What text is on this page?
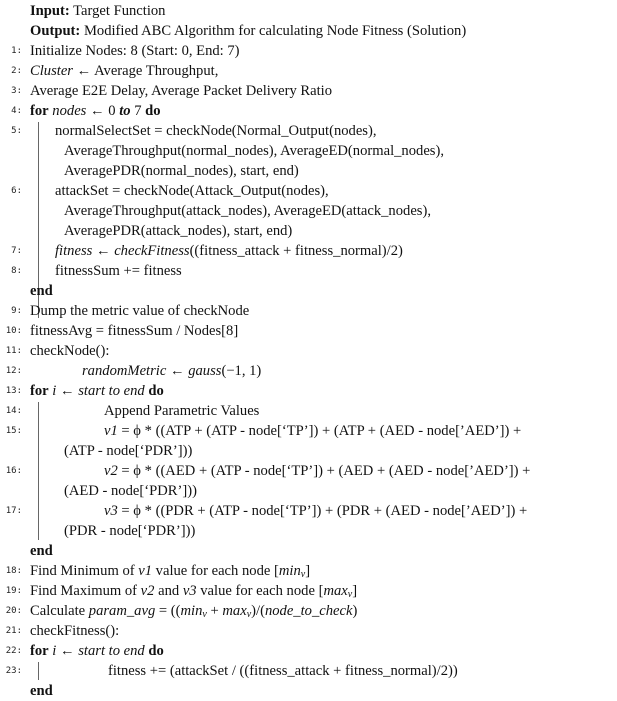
Input: Target Function
Output: Modified ABC Algorithm for calculating Node Fitness (Solution)
1: Initialize Nodes: 8 (Start: 0, End: 7)
2: Cluster ← Average Throughput,
3: Average E2E Delay, Average Packet Delivery Ratio
4: for nodes ← 0 to 7 do
5: normalSelectSet = checkNode(Normal_Output(nodes),
AverageThroughput(normal_nodes), AverageED(normal_nodes),
AveragePDR(normal_nodes), start, end)
6: attackSet = checkNode(Attack_Output(nodes),
AverageThroughput(attack_nodes), AverageED(attack_nodes),
AveragePDR(attack_nodes), start, end)
7: fitness ← checkFitness((fitness_attack + fitness_normal)/2)
8: fitnessSum += fitness
end
9: Dump the metric value of checkNode
10: fitnessAvg = fitnessSum / Nodes[8]
11: checkNode():
12:	randomMetric ← gauss(−1, 1)
13: for i ← start to end do
14:	Append Parametric Values
15:	v1 = ϕ * ((ATP + (ATP - node[‘TP’]) + (ATP + (AED - node[’AED’]) +
(ATP - node[‘PDR’]))
16:	v2 = ϕ * ((AED + (ATP - node[‘TP’]) + (AED + (AED - node[’AED’]) +
(AED - node[‘PDR’]))
17:	v3 = ϕ * ((PDR + (ATP - node[‘TP’]) + (PDR + (AED - node[’AED’]) +
(PDR - node[‘PDR’]))
end
18: Find Minimum of v1 value for each node $[\min_v]$
19: Find Maximum of v2 and v3 value for each node $[\max_v]$
20: Calculate param_avg = (($\min_v$ + $\max_v)/(node\_to\_check)$
21: checkFitness():
22: for i ← start to end do
23:	fitness += (attackSet / ((fitness_attack + fitness_normal)/2))
end
